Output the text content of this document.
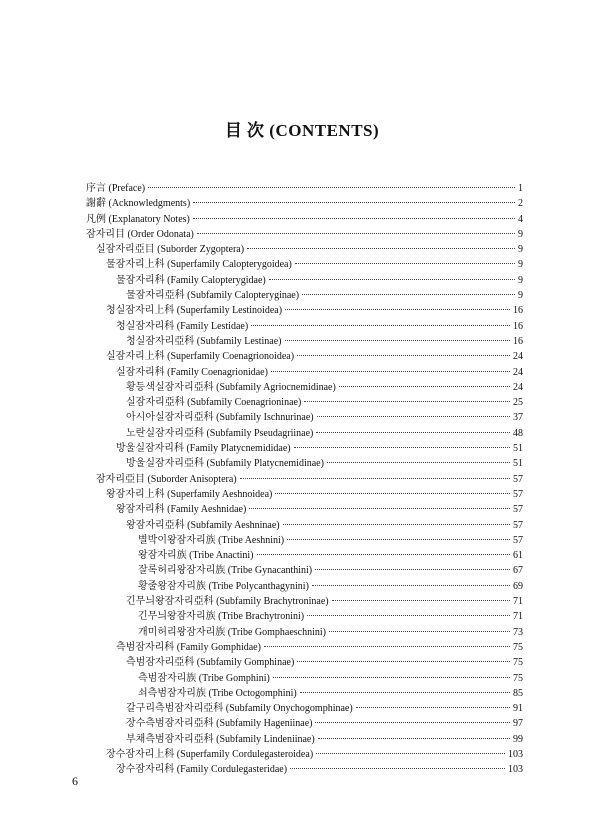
目 次 (CONTENTS)
序言 (Preface)	1
謝辭 (Acknowledgments)	2
凡例 (Explanatory Notes)	4
잠자리目 (Order Odonata)	9
실잠자리亞目 (Suborder Zygoptera)	9
물잠자리上科 (Superfamily Calopterygoidea)	9
물잠자리科 (Family Calopterygidae)	9
물잠자리亞科 (Subfamily Calopteryginae)	9
청실잠자리上科 (Superfamily Lestinoidea)	16
청실잠자리科 (Family Lestidae)	16
청실잠자리亞科 (Subfamily Lestinae)	16
실잠자리上科 (Superfamily Coenagrionoidea)	24
실잠자리科 (Family Coenagrionidae)	24
황등색실잠자리亞科 (Subfamily Agriocnemidinae)	24
실잠자리亞科 (Subfamily Coenagrioninae)	25
아시아실잠자리亞科 (Subfamily Ischnurinae)	37
노란실잠자리亞科 (Subfamily Pseudagriinae)	48
방울실잠자리科 (Family Platycnemididae)	51
방울실잠자리亞科 (Subfamily Platycnemidinae)	51
잠자리亞目 (Suborder Anisoptera)	57
왕잠자리上科 (Superfamily Aeshnoidea)	57
왕잠자리科 (Family Aeshnidae)	57
왕잠자리亞科 (Subfamily Aeshninae)	57
별박이왕잠자리族 (Tribe Aeshnini)	57
왕잠자리族 (Tribe Anactini)	61
잘록허리왕잠자리族 (Tribe Gynacanthini)	67
황줄왕잠자리族 (Tribe Polycanthagynini)	69
긴무늬왕잠자리亞科 (Subfamily Brachytroninae)	71
긴무늬왕잠자리族 (Tribe Brachytronini)	71
개미허리왕잠자리族 (Tribe Gomphaeschnini)	73
측범잠자리科 (Family Gomphidae)	75
측범잠자리亞科 (Subfamily Gomphinae)	75
측범잠자리族 (Tribe Gomphini)	75
쇠측범잠자리族 (Tribe Octogomphini)	85
갈구리측범잠자리亞科 (Subfamily Onychogomphinae)	91
장수측범잠자리亞科 (Subfamily Hageniinae)	97
부채측범잠자리亞科 (Subfamily Lindeniinae)	99
장수잠자리上科 (Superfamily Cordulegasteroidea)	103
장수잠자리科 (Family Cordulegasteridae)	103
6
